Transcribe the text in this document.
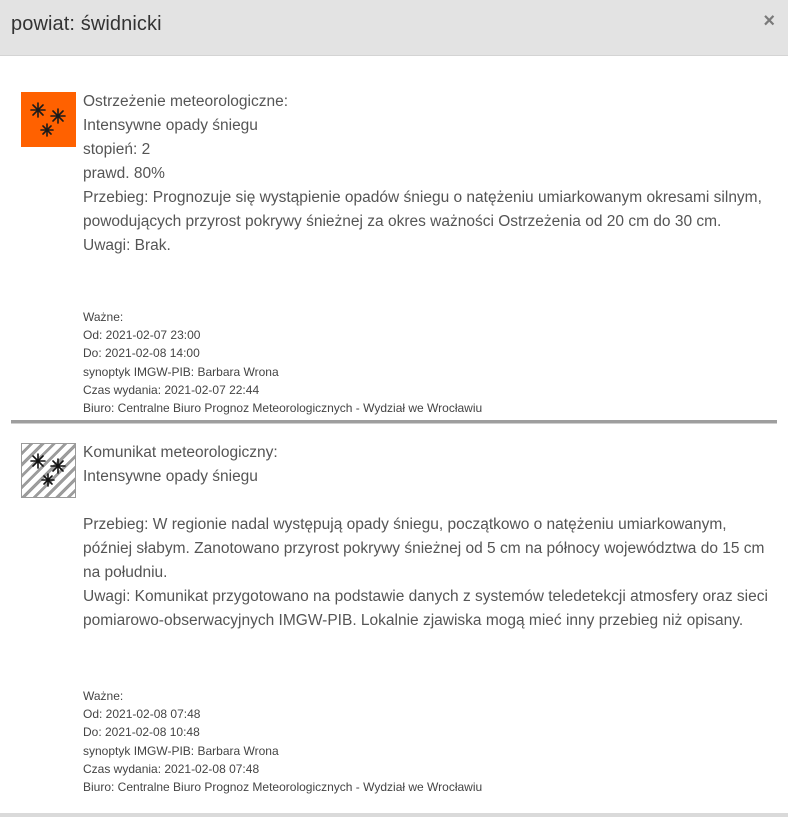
powiat: świdnicki	×
Ostrzeżenie meteorologiczne:
Intensywne opady śniegu
stopień: 2
prawd. 80%
Przebieg: Prognozuje się wystąpienie opadów śniegu o natężeniu umiarkowanym okresami silnym, powodujących przyrost pokrywy śnieżnej za okres ważności Ostrzeżenia od 20 cm do 30 cm.
Uwagi: Brak.
Ważne:
Od: 2021-02-07 23:00
Do: 2021-02-08 14:00
synoptyk IMGW-PIB: Barbara Wrona
Czas wydania: 2021-02-07 22:44
Biuro: Centralne Biuro Prognoz Meteorologicznych - Wydział we Wrocławiu
Komunikat meteorologiczny:
Intensywne opady śniegu
Przebieg: W regionie nadal występują opady śniegu, początkowo o natężeniu umiarkowanym, później słabym. Zanotowano przyrost pokrywy śnieżnej od 5 cm na północy województwa do 15 cm na południu.
Uwagi: Komunikat przygotowano na podstawie danych z systemów teledetekcji atmosfery oraz sieci pomiarowo-obserwacyjnych IMGW-PIB. Lokalnie zjawiska mogą mieć inny przebieg niż opisany.
Ważne:
Od: 2021-02-08 07:48
Do: 2021-02-08 10:48
synoptyk IMGW-PIB: Barbara Wrona
Czas wydania: 2021-02-08 07:48
Biuro: Centralne Biuro Prognoz Meteorologicznych - Wydział we Wrocławiu
